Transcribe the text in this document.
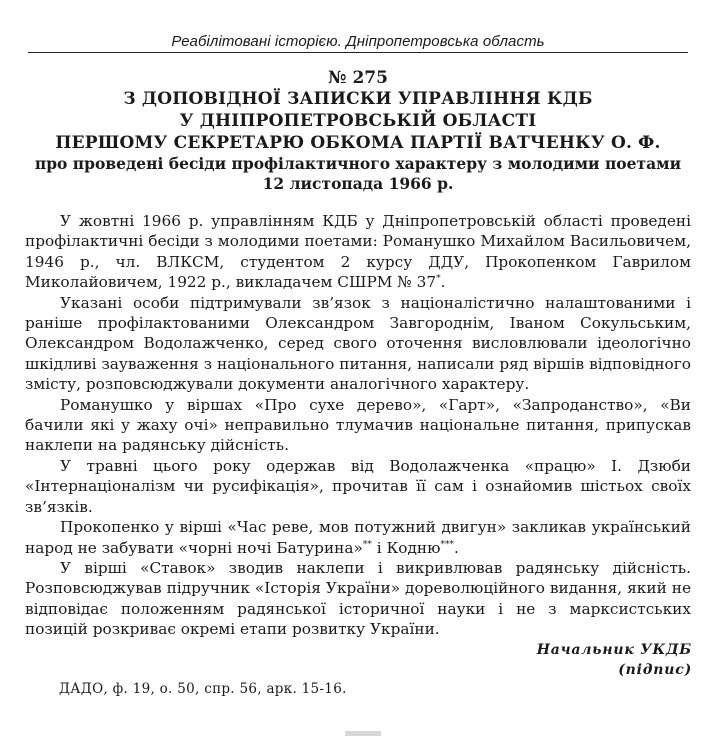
Реабілітовані історією. Дніпропетровська область
№ 275
З ДОПОВІДНОЇ ЗАПИСКИ УПРАВЛІННЯ КДБ
У ДНІПРОПЕТРОВСЬКІЙ ОБЛАСТІ
ПЕРШОМУ СЕКРЕТАРЮ ОБКОМА ПАРТІЇ ВАТЧЕНКУ О. Ф.
про проведені бесіди профілактичного характеру з молодими поетами
12 листопада 1966 р.

У жовтні 1966 р. управлінням КДБ у Дніпропетровській області проведені профілактичні бесіди з молодими поетами: Романушко Михайлом Васильовичем, 1946 р., чл. ВЛКСМ, студентом 2 курсу ДДУ, Прокопенком Гаврилом Миколайовичем, 1922 р., викладачем СШРМ № 37*.

Указані особи підтримували зв’язок з націоналістично налаштованими і раніше профілактованими Олександром Завгороднім, Іваном Сокульським, Олександром Водолажченко, серед свого оточення висловлювали ідеологічно шкідливі зауваження з національного питання, написали ряд віршів відповідного змісту, розповсюджували документи аналогічного характеру.

Романушко у віршах «Про сухе дерево», «Гарт», «Запроданство», «Ви бачили які у жаху очі» неправильно тлумачив національне питання, припускав наклепи на радянську дійсність.

У травні цього року одержав від Водолажченка «працю» І. Дзюби «Інтернаціоналізм чи русифікація», прочитав її сам і ознайомив шістьох своїх зв’язків.

Прокопенко у вірші «Час реве, мов потужний двигун» закликав український народ не забувати «чорні ночі Батурина»** і Кодню***.

У вірші «Ставок» зводив наклепи і викривлював радянську дійсність. Розповсюджував підручник «Історія України» дореволюційного видання, який не відповідає положенням радянської історичної науки і не з марксистських позицій розкриває окремі етапи розвитку України.

Начальник УКДБ
(підпис)
ДАДО, ф. 19, о. 50, спр. 56, арк. 15-16.
